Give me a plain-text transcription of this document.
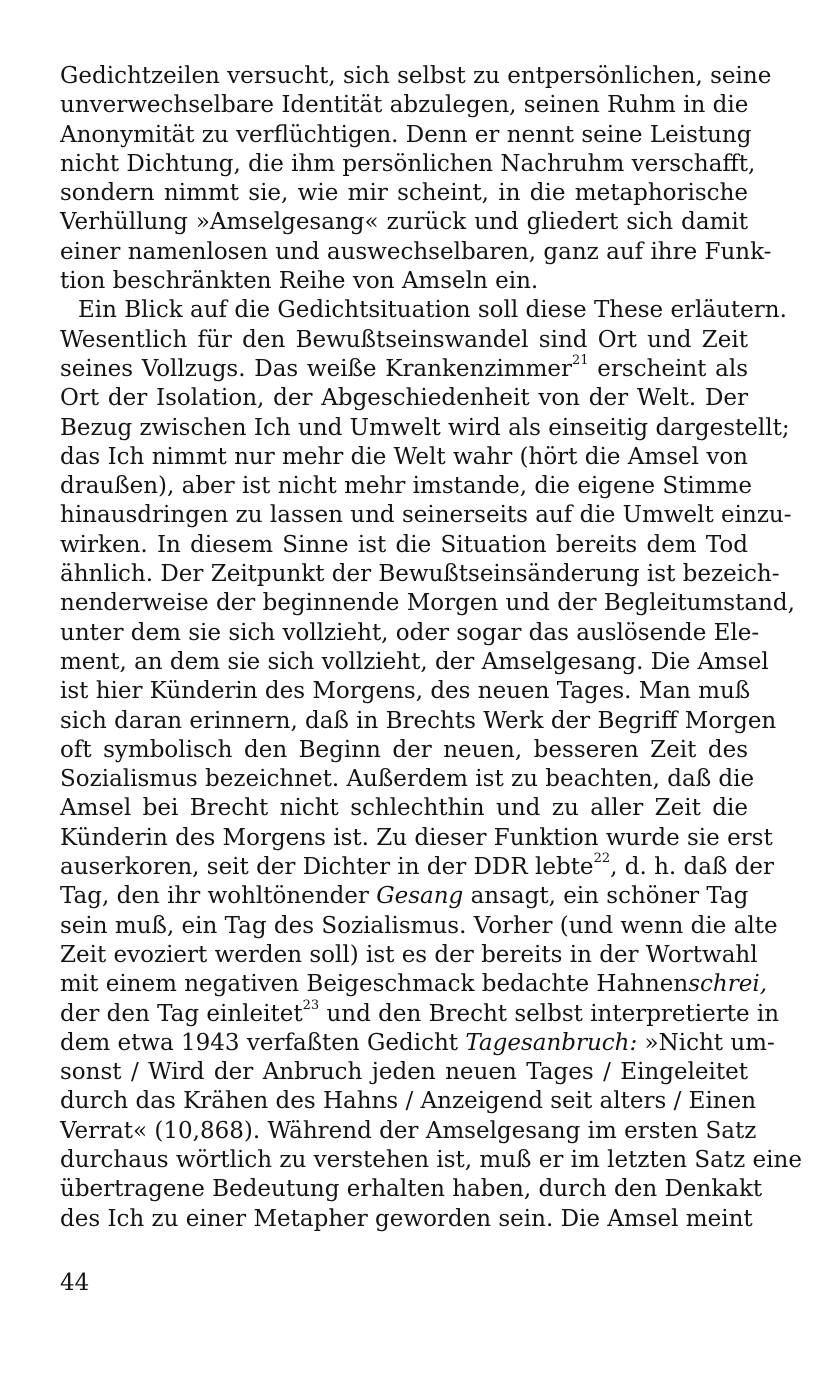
Gedichtzeilen versucht, sich selbst zu entpersönlichen, seine
unverwechselbare Identität abzulegen, seinen Ruhm in die
Anonymität zu verflüchtigen. Denn er nennt seine Leistung
nicht Dichtung, die ihm persönlichen Nachruhm verschafft,
sondern nimmt sie, wie mir scheint, in die metaphorische
Verhüllung »Amselgesang« zurück und gliedert sich damit
einer namenlosen und auswechselbaren, ganz auf ihre Funk-
tion beschränkten Reihe von Amseln ein.
Ein Blick auf die Gedichtsituation soll diese These erläutern.
Wesentlich für den Bewußtseinswandel sind Ort und Zeit
seines Vollzugs. Das weiße Krankenzimmer$^{21}$ erscheint als
Ort der Isolation, der Abgeschiedenheit von der Welt. Der
Bezug zwischen Ich und Umwelt wird als einseitig dargestellt;
das Ich nimmt nur mehr die Welt wahr (hört die Amsel von
draußen), aber ist nicht mehr imstande, die eigene Stimme
hinausdringen zu lassen und seinerseits auf die Umwelt einzu-
wirken. In diesem Sinne ist die Situation bereits dem Tod
ähnlich. Der Zeitpunkt der Bewußtseinsänderung ist bezeich-
nenderweise der beginnende Morgen und der Begleitumstand,
unter dem sie sich vollzieht, oder sogar das auslösende Ele-
ment, an dem sie sich vollzieht, der Amselgesang. Die Amsel
ist hier Künderin des Morgens, des neuen Tages. Man muß
sich daran erinnern, daß in Brechts Werk der Begriff Morgen
oft symbolisch den Beginn der neuen, besseren Zeit des
Sozialismus bezeichnet. Außerdem ist zu beachten, daß die
Amsel bei Brecht nicht schlechthin und zu aller Zeit die
Künderin des Morgens ist. Zu dieser Funktion wurde sie erst
auserkoren, seit der Dichter in der DDR lebte$^{22}$, d. h. daß der
Tag, den ihr wohltönender Gesang ansagt, ein schöner Tag
sein muß, ein Tag des Sozialismus. Vorher (und wenn die alte
Zeit evoziert werden soll) ist es der bereits in der Wortwahl
mit einem negativen Beigeschmack bedachte Hahnenschrei,
der den Tag einleitet$^{23}$ und den Brecht selbst interpretierte in
dem etwa 1943 verfaßten Gedicht Tagesanbruch: »Nicht um-
sonst / Wird der Anbruch jeden neuen Tages / Eingeleitet
durch das Krähen des Hahns / Anzeigend seit alters / Einen
Verrat« (10,868). Während der Amselgesang im ersten Satz
durchaus wörtlich zu verstehen ist, muß er im letzten Satz eine
übertragene Bedeutung erhalten haben, durch den Denkakt
des Ich zu einer Metapher geworden sein. Die Amsel meint
44
